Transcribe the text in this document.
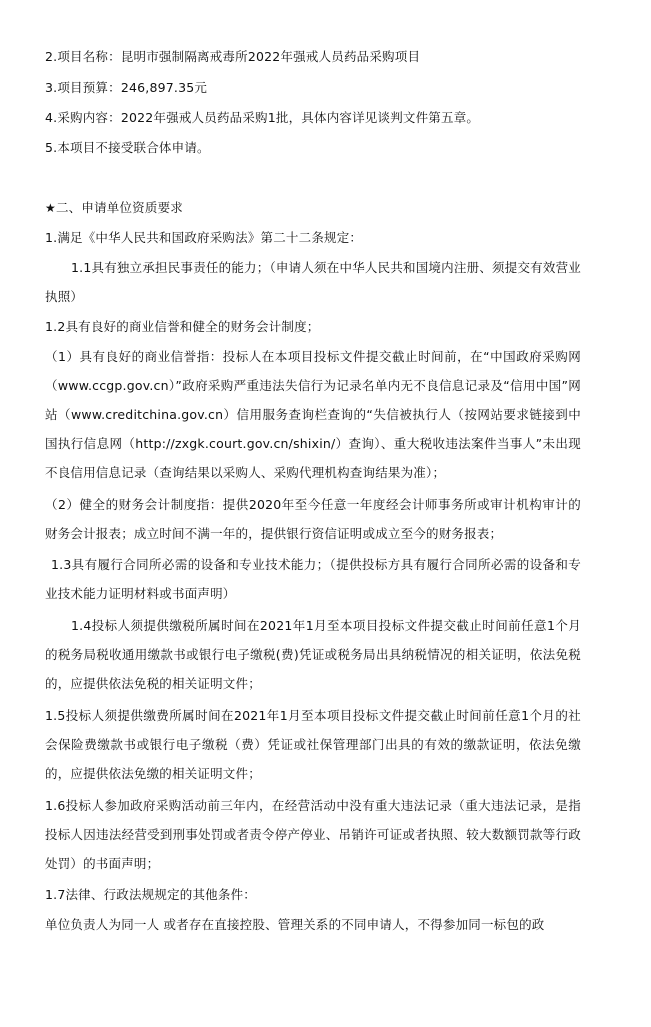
2.项目名称：昆明市强制隔离戒毒所2022年强戒人员药品采购项目

3.项目预算：246,897.35元

4.采购内容：2022年强戒人员药品采购1批，具体内容详见谈判文件第五章。

5.本项目不接受联合体申请。

★二、申请单位资质要求

1.满足《中华人民共和国政府采购法》第二十二条规定：

1.1具有独立承担民事责任的能力；（申请人须在中华人民共和国境内注册、须提交有效营业执照）

1.2具有良好的商业信誉和健全的财务会计制度；

（1）具有良好的商业信誉指：投标人在本项目投标文件提交截止时间前，在“中国政府采购网（www.ccgp.gov.cn）”政府采购严重违法失信行为记录名单内无不良信息记录及“信用中国”网站（www.creditchina.gov.cn）信用服务查询栏查询的“失信被执行人（按网站要求链接到中国执行信息网（http://zxgk.court.gov.cn/shixin/）查询）、重大税收违法案件当事人”未出现不良信用信息记录（查询结果以采购人、采购代理机构查询结果为准）；

（2）健全的财务会计制度指：提供2020年至今任意一年度经会计师事务所或审计机构审计的财务会计报表；成立时间不满一年的，提供银行资信证明或成立至今的财务报表；

1.3具有履行合同所必需的设备和专业技术能力；（提供投标方具有履行合同所必需的设备和专业技术能力证明材料或书面声明）

1.4投标人须提供缴税所属时间在2021年1月至本项目投标文件提交截止时间前任意1个月的税务局税收通用缴款书或银行电子缴税(费)凭证或税务局出具纳税情况的相关证明，依法免税的，应提供依法免税的相关证明文件；

1.5投标人须提供缴费所属时间在2021年1月至本项目投标文件提交截止时间前任意1个月的社会保险费缴款书或银行电子缴税（费）凭证或社保管理部门出具的有效的缴款证明，依法免缴的，应提供依法免缴的相关证明文件；

1.6投标人参加政府采购活动前三年内，在经营活动中没有重大违法记录（重大违法记录，是指投标人因违法经营受到刑事处罚或者责令停产停业、吊销许可证或者执照、较大数额罚款等行政处罚）的书面声明；

1.7法律、行政法规规定的其他条件：

单位负责人为同一人 或者存在直接控股、管理关系的不同申请人，不得参加同一标包的政
